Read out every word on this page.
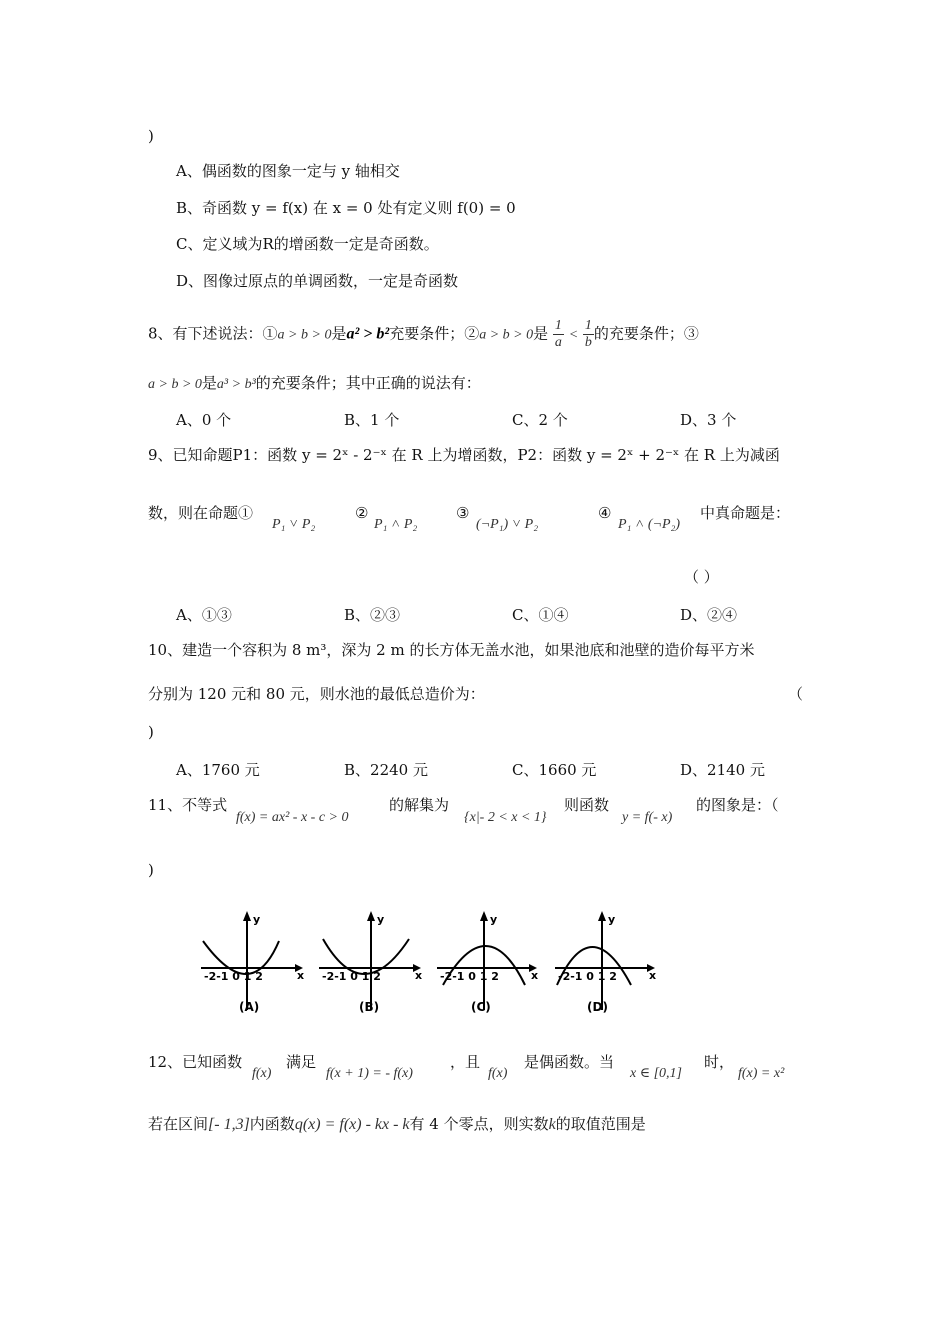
)
A、偶函数的图象一定与 y 轴相交
B、奇函数 y = f(x) 在 x = 0 处有定义则 f(0) = 0
C、定义域为R的增函数一定是奇函数。
D、图像过原点的单调函数，一定是奇函数
8、有下述说法：①a > b > 0是a² > b²充要条件；②a > b > 0是 $\frac{1}{a} < \frac{1}{b}$ 的充要条件；③
a > b > 0是a³ > b³的充要条件；其中正确的说法有：
A、0 个	B、1 个	C、2 个	D、3 个
9、已知命题P1：函数 y = 2ˣ - 2⁻ˣ 在 R 上为增函数，P2：函数 y = 2ˣ + 2⁻ˣ 在 R 上为减函
数，则在命题①
P₁ ˅ P₂
②
P₁ ˄ P₂
③
(¬P₁) ˅ P₂
④
P₁ ˄ (¬P₂)
中真命题是：
（ ）
A、①③	B、②③	C、①④	D、②④
10、建造一个容积为 8 m³，深为 2 m 的长方体无盖水池，如果池底和池壁的造价每平方米
分别为 120 元和 80 元，则水池的最低总造价为：	（
)
A、1760 元	B、2240 元	C、1660 元	D、2140 元
11、不等式
f(x) = ax² - x - c > 0
的解集为
{x|- 2 < x < 1}
则函数
y = f(- x)
的图象是：（
)
y
x
-2-1 0 1 2
(A)
y
x
-2-1 0 1 2
(B)
y
x
-2-1 0 1 2
(C)
y
x
-2-1 0 1 2
(D)
12、已知函数
f(x)
满足
f(x + 1) = - f(x)
，且
f(x)
是偶函数。当
x ∈ [0,1]
时，
f(x) = x²
若在区间[- 1,3]内函数q(x) = f(x) - kx - k有 4 个零点，则实数k的取值范围是
